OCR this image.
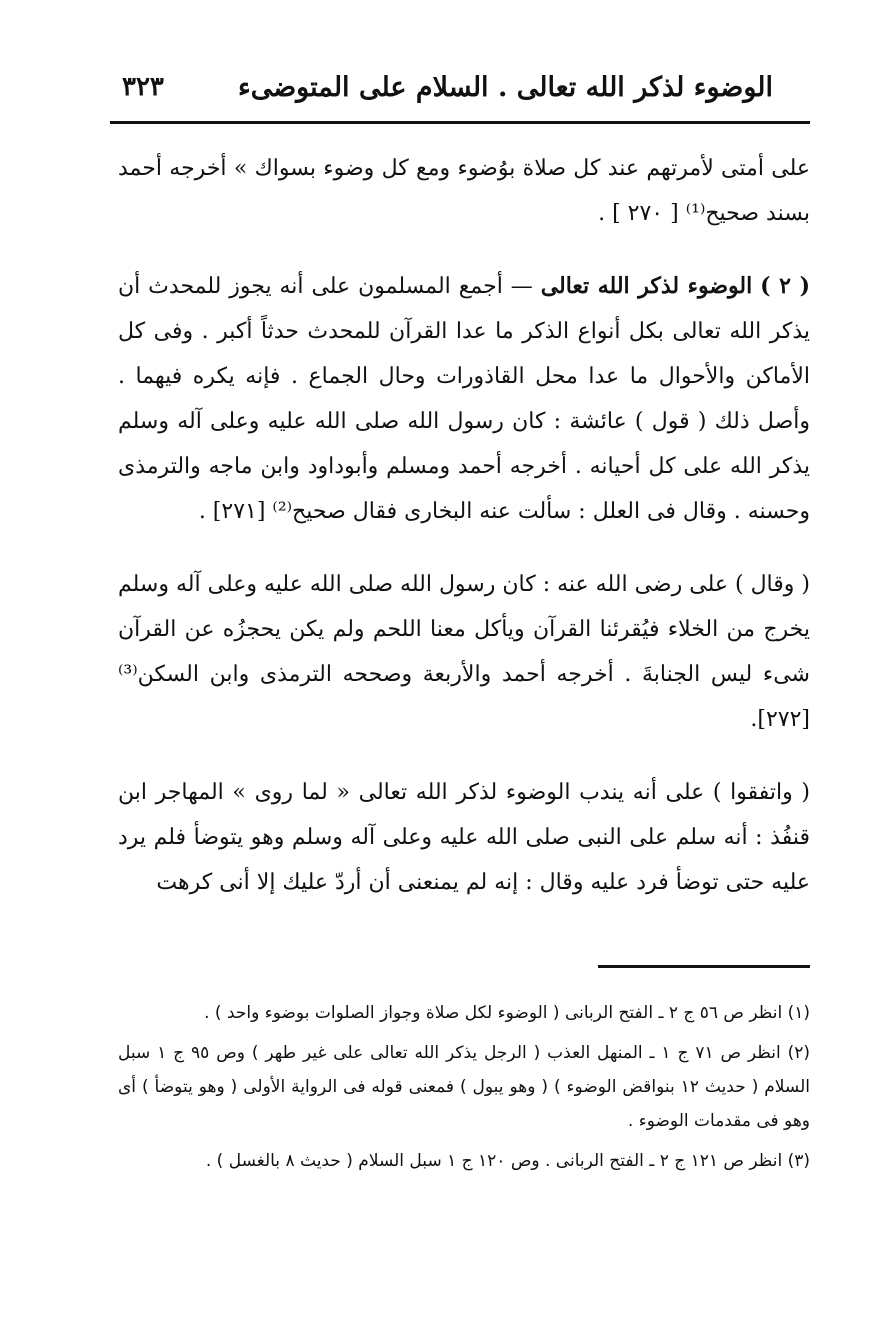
الوضوء لذكر الله تعالى . السلام على المتوضىء
٣٢٣

على أمتى لأمرتهم عند كل صلاة بوُضوء ومع كل وضوء بسواك » أخرجه أحمد بسند صحيح⁽¹⁾ [ ٢٧٠ ] .

( ٢ ) الوضوء لذكر الله تعالى — أجمع المسلمون على أنه يجوز للمحدث أن يذكر الله تعالى بكل أنواع الذكر ما عدا القرآن للمحدث حدثاً أكبر . وفى كل الأماكن والأحوال ما عدا محل القاذورات وحال الجماع . فإنه يكره فيهما . وأصل ذلك ( قول ) عائشة : كان رسول الله صلى الله عليه وعلى آله وسلم يذكر الله على كل أحيانه . أخرجه أحمد ومسلم وأبوداود وابن ماجه والترمذى وحسنه . وقال فى العلل : سألت عنه البخارى فقال صحيح⁽²⁾ [٢٧١] .

( وقال ) على رضى الله عنه : كان رسول الله صلى الله عليه وعلى آله وسلم يخرج من الخلاء فيُقرئنا القرآن ويأكل معنا اللحم ولم يكن يحجزُه عن القرآن شىء ليس الجنابةَ . أخرجه أحمد والأربعة وصححه الترمذى وابن السكن⁽³⁾[٢٧٢].

( واتفقوا ) على أنه يندب الوضوء لذكر الله تعالى « لما روى » المهاجر ابن قنفُذ : أنه سلم على النبى صلى الله عليه وعلى آله وسلم وهو يتوضأ فلم يرد عليه حتى توضأ فرد عليه وقال : إنه لم يمنعنى أن أردّ عليك إلا أنى كرهت

(١) انظر ص ٥٦ ج ٢ ـ الفتح الربانى ( الوضوء لكل صلاة وجواز الصلوات بوضوء واحد ) .

(٢) انظر ص ٧١ ج ١ ـ المنهل العذب ( الرجل يذكر الله تعالى على غير طهر ) وص ٩٥ ج ١ سبل السلام ( حديث ١٢ بنواقض الوضوء ) ( وهو يبول ) فمعنى قوله فى الرواية الأولى ( وهو يتوضأ ) أى وهو فى مقدمات الوضوء .

(٣) انظر ص ١٢١ ج ٢ ـ الفتح الربانى . وص ١٢٠ ج ١ سبل السلام ( حديث ٨ بالغسل ) .
